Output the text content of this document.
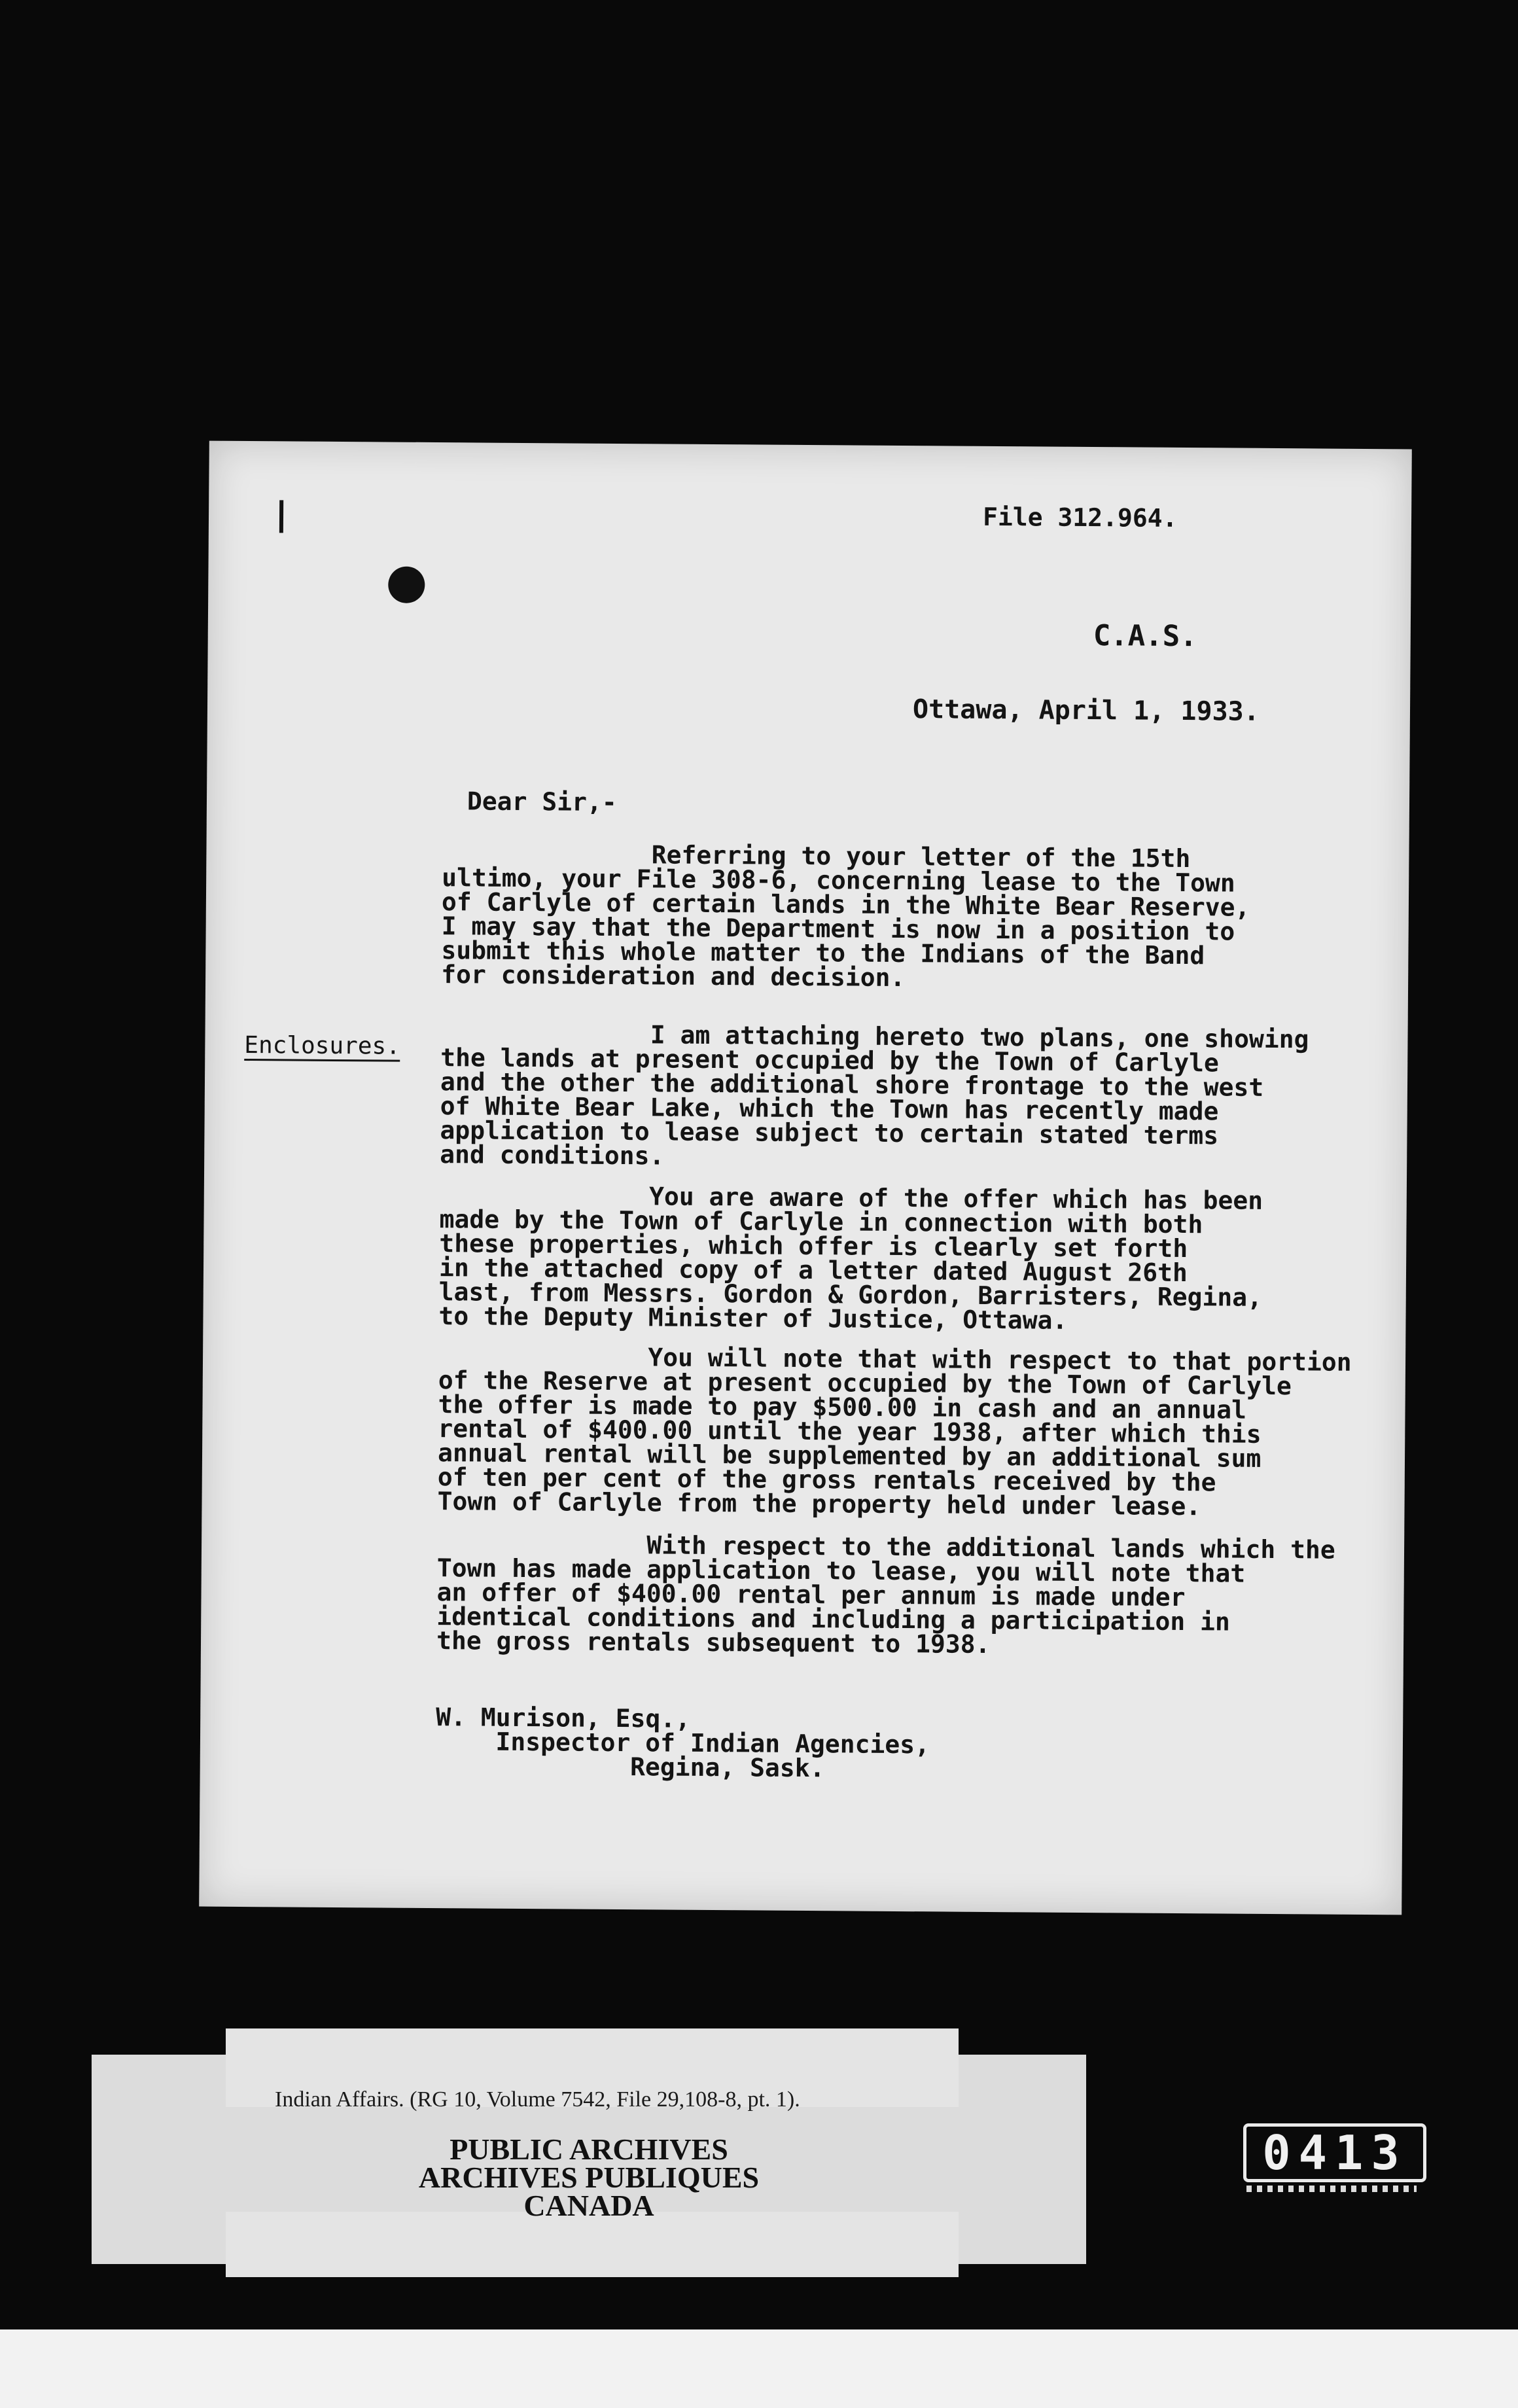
File 312.964.
C.A.S.
Ottawa, April 1, 1933.
Dear Sir,-
Referring to your letter of the 15th
ultimo, your File 308-6, concerning lease to the Town
of Carlyle of certain lands in the White Bear Reserve,
I may say that the Department is now in a position to
submit this whole matter to the Indians of the Band
for consideration and decision.
Enclosures. I am attaching hereto two plans, one showing
the lands at present occupied by the Town of Carlyle
and the other the additional shore frontage to the west
of White Bear Lake, which the Town has recently made
application to lease subject to certain stated terms
and conditions.
You are aware of the offer which has been
made by the Town of Carlyle in connection with both
these properties, which offer is clearly set forth
in the attached copy of a letter dated August 26th
last, from Messrs. Gordon & Gordon, Barristers, Regina,
to the Deputy Minister of Justice, Ottawa.
You will note that with respect to that portion
of the Reserve at present occupied by the Town of Carlyle
the offer is made to pay $500.00 in cash and an annual
rental of $400.00 until the year 1938, after which this
annual rental will be supplemented by an additional sum
of ten per cent of the gross rentals received by the
Town of Carlyle from the property held under lease.
With respect to the additional lands which the
Town has made application to lease, you will note that
an offer of $400.00 rental per annum is made under
identical conditions and including a participation in
the gross rentals subsequent to 1938.
W. Murison, Esq.,
Inspector of Indian Agencies,
Regina, Sask.
Indian Affairs. (RG 10, Volume 7542, File 29,108-8, pt. 1).
PUBLIC ARCHIVES
ARCHIVES PUBLIQUES
CANADA
0413
